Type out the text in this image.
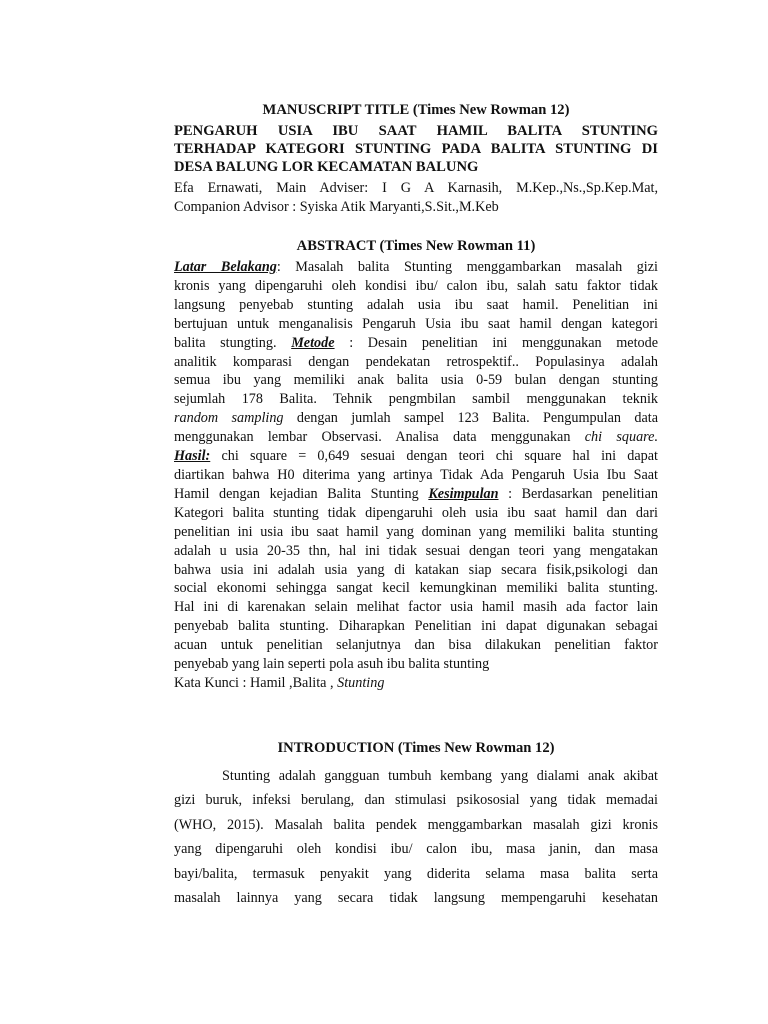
MANUSCRIPT TITLE (Times New Rowman 12)
PENGARUH USIA IBU SAAT HAMIL BALITA STUNTING
TERHADAP KATEGORI STUNTING PADA BALITA STUNTING DI
DESA BALUNG LOR KECAMATAN BALUNG
Efa Ernawati, Main Adviser: I G A Karnasih, M.Kep.,Ns.,Sp.Kep.Mat,
Companion Advisor : Syiska Atik Maryanti,S.Sit.,M.Keb
ABSTRACT (Times New Rowman 11)
Latar Belakang: Masalah balita Stunting menggambarkan masalah gizi
kronis yang dipengaruhi oleh kondisi ibu/ calon ibu, salah satu faktor tidak
langsung penyebab stunting adalah usia ibu saat hamil. Penelitian ini
bertujuan untuk menganalisis Pengaruh Usia ibu saat hamil dengan kategori
balita stungting. Metode : Desain penelitian ini menggunakan metode
analitik komparasi dengan pendekatan retrospektif.. Populasinya adalah
semua ibu yang memiliki anak balita usia 0-59 bulan dengan stunting
sejumlah 178 Balita. Tehnik pengmbilan sambil menggunakan teknik
random sampling dengan jumlah sampel 123 Balita. Pengumpulan data
menggunakan lembar Observasi. Analisa data menggunakan chi square.
Hasil: chi square = 0,649 sesuai dengan teori chi square hal ini dapat
diartikan bahwa H0 diterima yang artinya Tidak Ada Pengaruh Usia Ibu Saat
Hamil dengan kejadian Balita Stunting Kesimpulan : Berdasarkan penelitian
Kategori balita stunting tidak dipengaruhi oleh usia ibu saat hamil dan dari
penelitian ini usia ibu saat hamil yang dominan yang memiliki balita stunting
adalah u usia 20-35 thn, hal ini tidak sesuai dengan teori yang mengatakan
bahwa usia ini adalah usia yang di katakan siap secara fisik,psikologi dan
social ekonomi sehingga sangat kecil kemungkinan memiliki balita stunting.
Hal ini di karenakan selain melihat factor usia hamil masih ada factor lain
penyebab balita stunting. Diharapkan Penelitian ini dapat digunakan sebagai
acuan untuk penelitian selanjutnya dan bisa dilakukan penelitian faktor
penyebab yang lain seperti pola asuh ibu balita stunting
Kata Kunci : Hamil ,Balita , Stunting
INTRODUCTION (Times New Rowman 12)
Stunting adalah gangguan tumbuh kembang yang dialami anak akibat
gizi buruk, infeksi berulang, dan stimulasi psikososial yang tidak memadai
(WHO, 2015). Masalah balita pendek menggambarkan masalah gizi kronis
yang dipengaruhi oleh kondisi ibu/ calon ibu, masa janin, dan masa
bayi/balita, termasuk penyakit yang diderita selama masa balita serta
masalah lainnya yang secara tidak langsung mempengaruhi kesehatan
